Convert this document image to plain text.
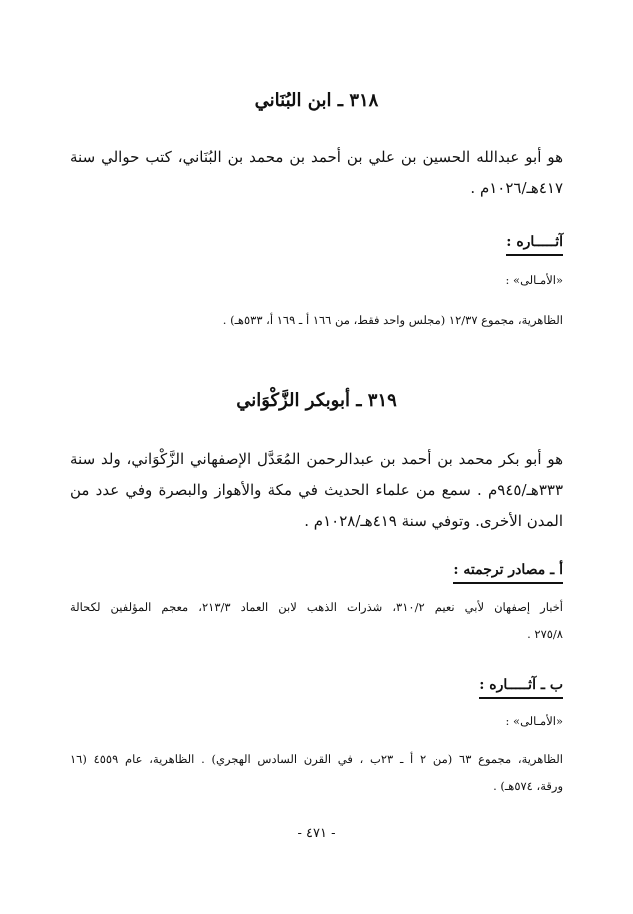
٣١٨ ـ ابن البُنَاني
هو أبو عبدالله الحسين بن علي بن أحمد بن محمد بن البُنَاني، كتب حوالي سنة
٤١٧هـ/١٠٢٦م .
آثـــــاره :
«الأمـالى» :
الظاهرية، مجموع ١٢/٣٧ (مجلس واحد فقط، من ١٦٦ أ ـ ١٦٩ أ، ٥٣٣هـ) .
٣١٩ ـ أبوبكر الزَّكْوَاني
هو أبو بكر محمد بن أحمد بن عبدالرحمن المُعَدَّل الإصفهاني الزَّكْوَاني، ولد سنة
٣٣٣هـ/٩٤٥م . سمع من علماء الحديث في مكة والأهواز والبصرة وفي عدد من
المدن الأخرى. وتوفي سنة ٤١٩هـ/١٠٢٨م .
أ ـ مصادر ترجمته :
أخبار إصفهان لأبي نعيم ٣١٠/٢، شذرات الذهب لابن العماد ٢١٣/٣، معجم المؤلفين لكحالة
٢٧٥/٨ .
ب ـ آثـــــاره :
«الأمـالى» :
الظاهرية، مجموع ٦٣ (من ٢ أ ـ ٢٣ب ، في القرن السادس الهجري) . الظاهرية، عام ٤٥٥٩ (١٦
ورقة، ٥٧٤هـ) .
- ٤٧١ -
